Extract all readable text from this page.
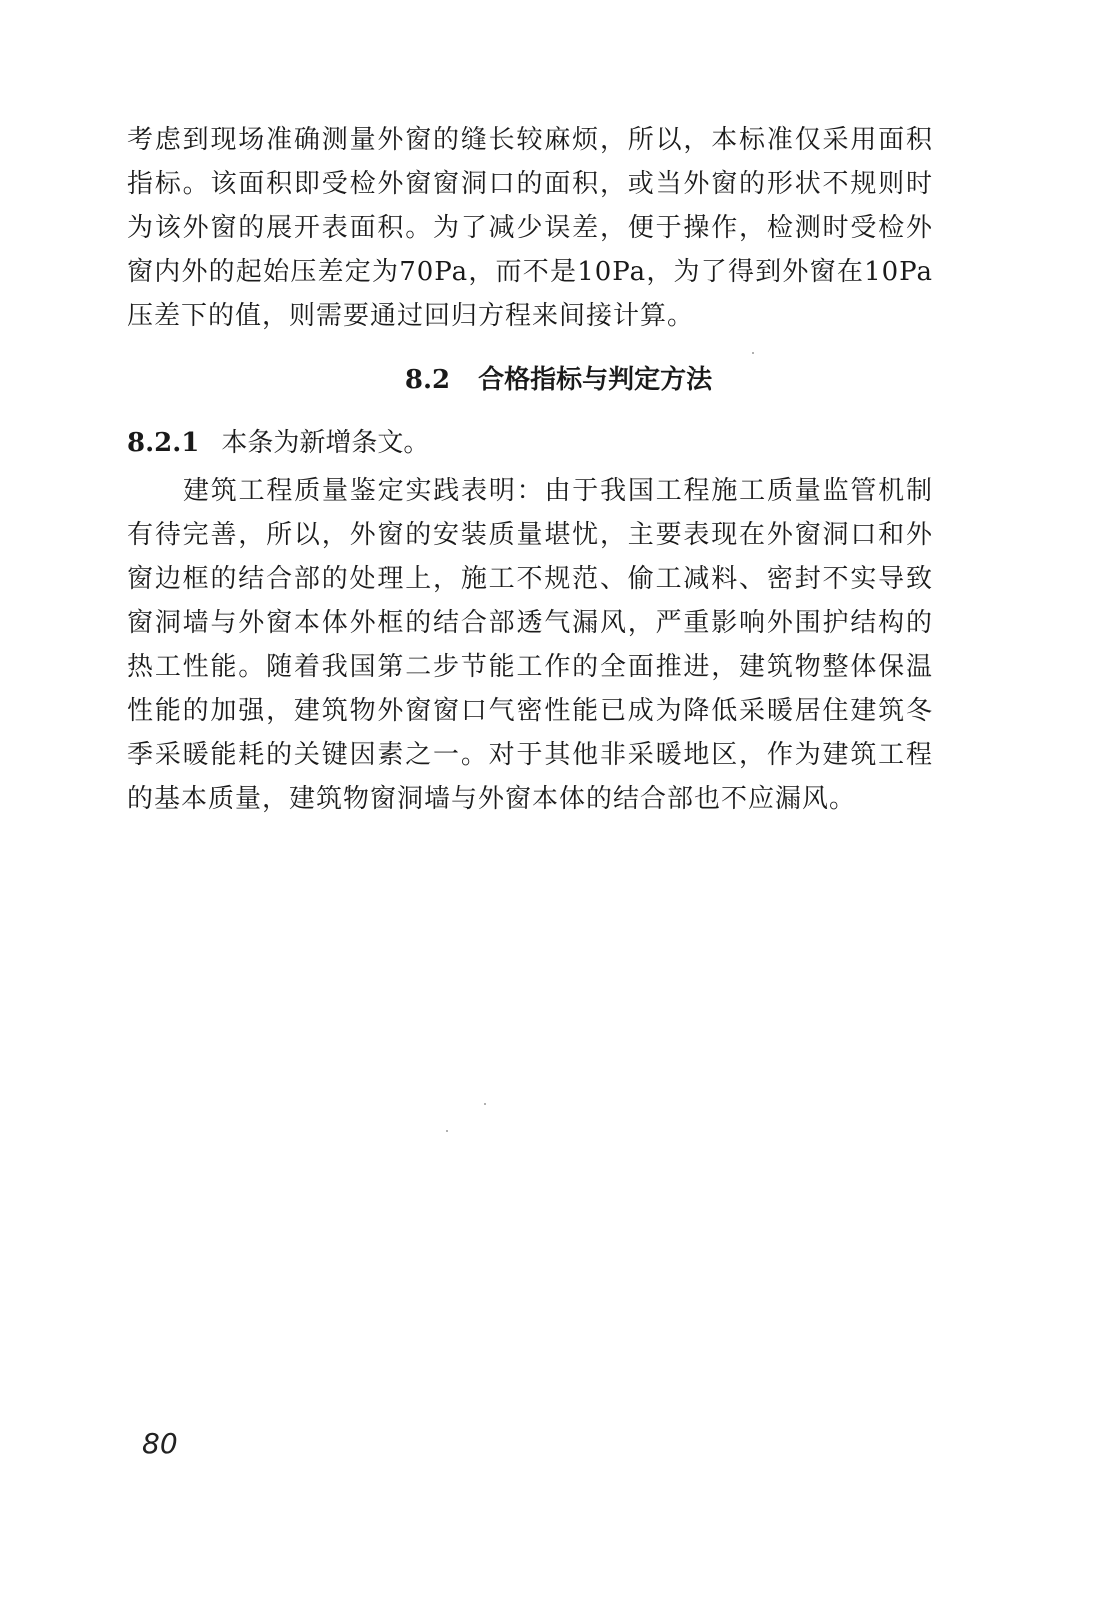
考虑到现场准确测量外窗的缝长较麻烦，所以，本标准仅采用面积指标。该面积即受检外窗窗洞口的面积，或当外窗的形状不规则时为该外窗的展开表面积。为了减少误差，便于操作，检测时受检外窗内外的起始压差定为70Pa，而不是10Pa，为了得到外窗在10Pa压差下的值，则需要通过回归方程来间接计算。

8.2 合格指标与判定方法

8.2.1 本条为新增条文。

建筑工程质量鉴定实践表明：由于我国工程施工质量监管机制有待完善，所以，外窗的安装质量堪忧，主要表现在外窗洞口和外窗边框的结合部的处理上，施工不规范、偷工减料、密封不实导致窗洞墙与外窗本体外框的结合部透气漏风，严重影响外围护结构的热工性能。随着我国第二步节能工作的全面推进，建筑物整体保温性能的加强，建筑物外窗窗口气密性能已成为降低采暖居住建筑冬季采暖能耗的关键因素之一。对于其他非采暖地区，作为建筑工程的基本质量，建筑物窗洞墙与外窗本体的结合部也不应漏风。

80
